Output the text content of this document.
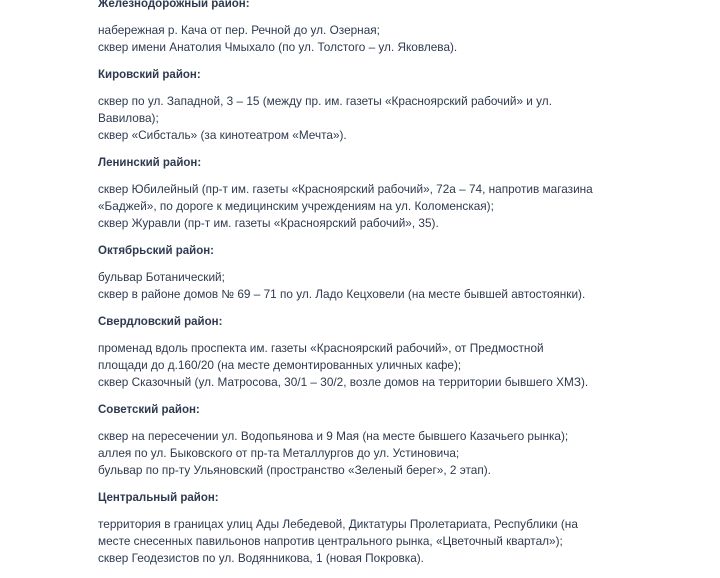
Железнодорожный район:

набережная р. Кача от пер. Речной до ул. Озерная;
сквер имени Анатолия Чмыхало (по ул. Толстого – ул. Яковлева).

Кировский район:

сквер по ул. Западной, 3 – 15 (между пр. им. газеты «Красноярский рабочий» и ул.
Вавилова);
сквер «Сибсталь» (за кинотеатром «Мечта»).

Ленинский район:

сквер Юбилейный (пр-т им. газеты «Красноярский рабочий», 72а – 74, напротив магазина
«Баджей», по дороге к медицинским учреждениям на ул. Коломенская);
сквер Журавли (пр-т им. газеты «Красноярский рабочий», 35).

Октябрьский район:

бульвар Ботанический;
сквер в районе домов № 69 – 71 по ул. Ладо Кецховели (на месте бывшей автостоянки).

Свердловский район:

променад вдоль проспекта им. газеты «Красноярский рабочий», от Предмостной
площади до д.160/20 (на месте демонтированных уличных кафе);
сквер Сказочный (ул. Матросова, 30/1 – 30/2, возле домов на территории бывшего ХМЗ).

Советский район:

сквер на пересечении ул. Водопьянова и 9 Мая (на месте бывшего Казачьего рынка);
аллея по ул. Быковского от пр-та Металлургов до ул. Устиновича;
бульвар по пр-ту Ульяновский (пространство «Зеленый берег», 2 этап).

Центральный район:

территория в границах улиц Ады Лебедевой, Диктатуры Пролетариата, Республики (на
месте снесенных павильонов напротив центрального рынка, «Цветочный квартал»);
сквер Геодезистов по ул. Водянникова, 1 (новая Покровка).
